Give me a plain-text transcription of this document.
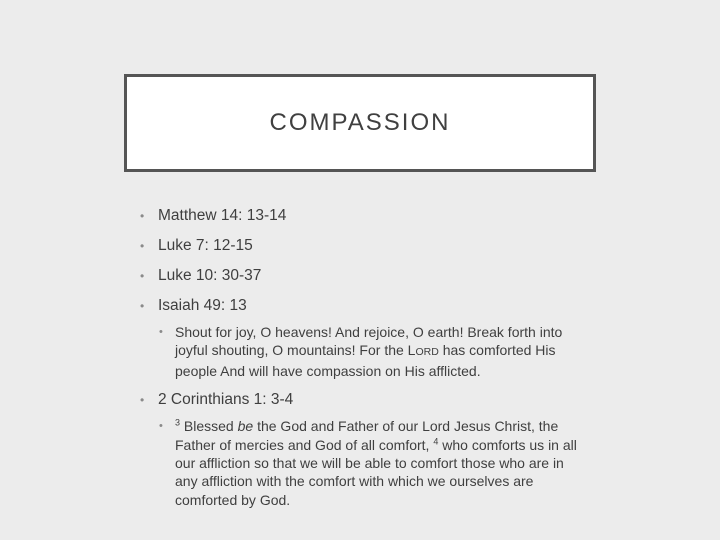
COMPASSION
• Matthew 14: 13-14
• Luke 7: 12-15
• Luke 10: 30-37
• Isaiah 49: 13
• Shout for joy, O heavens! And rejoice, O earth! Break forth into joyful shouting, O mountains! For the LORD has comforted His people And will have compassion on His afflicted.
• 2 Corinthians 1: 3-4
• $^3$ Blessed be the God and Father of our Lord Jesus Christ, the Father of mercies and God of all comfort, $^4$ who comforts us in all our affliction so that we will be able to comfort those who are in any affliction with the comfort with which we ourselves are comforted by God.
